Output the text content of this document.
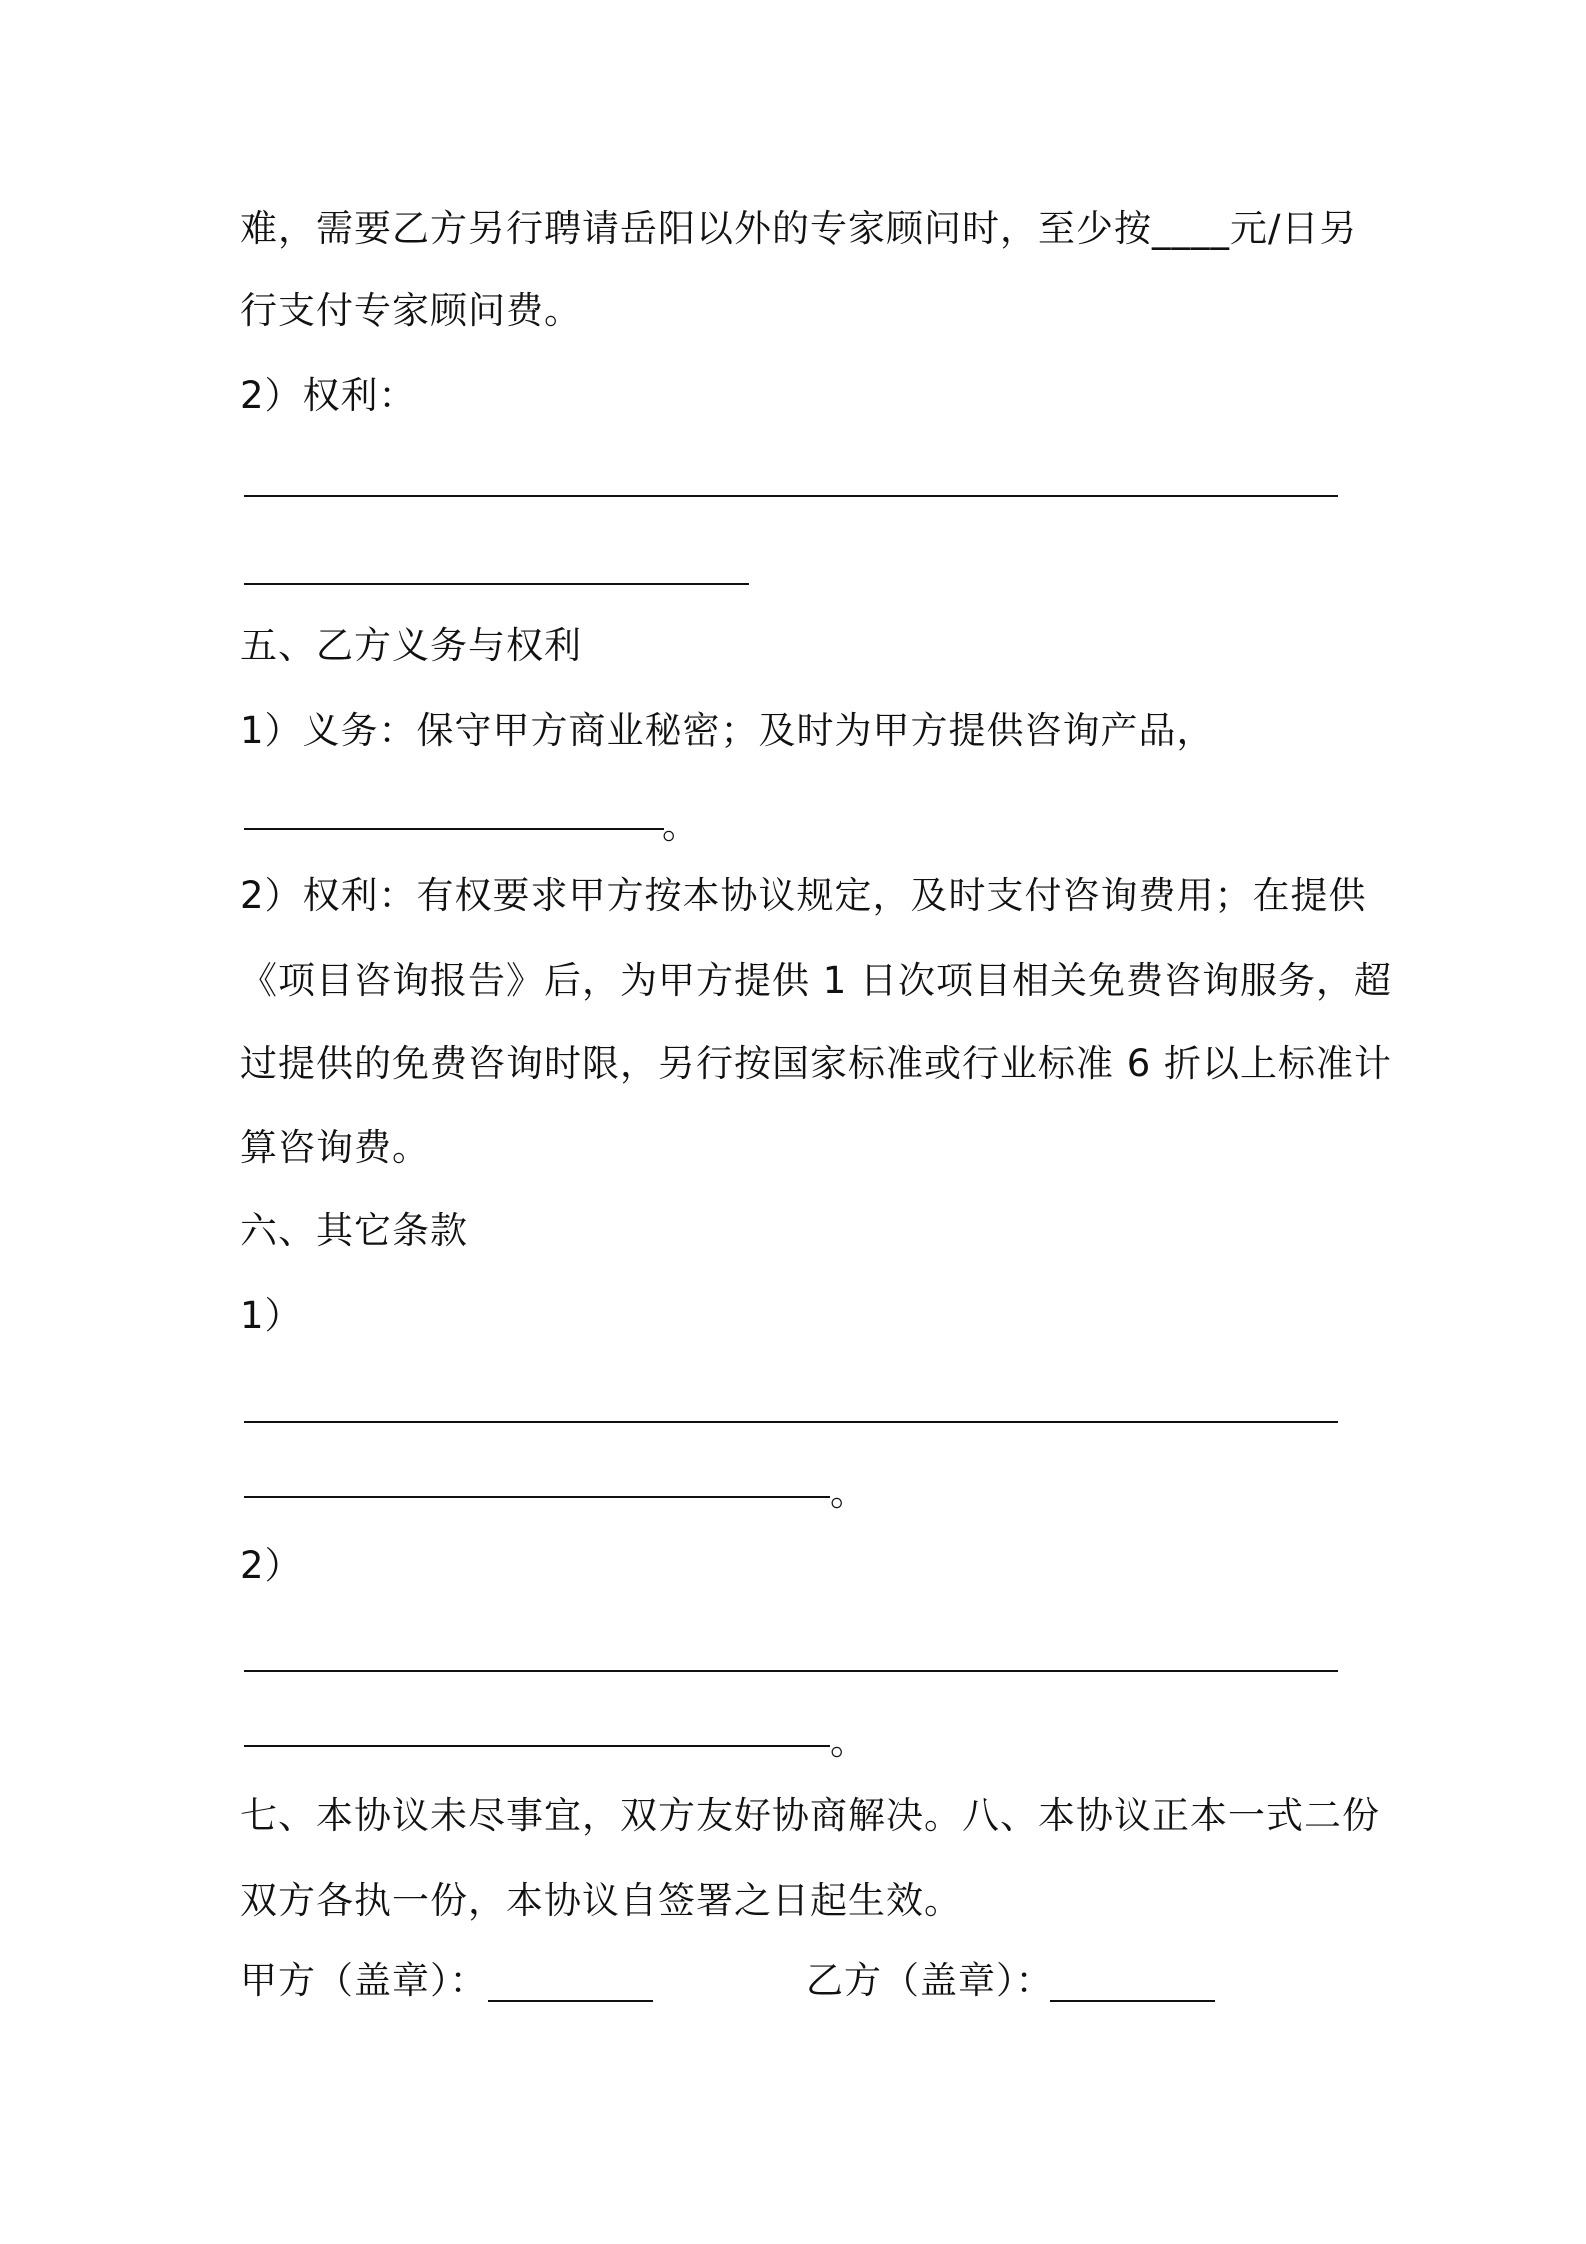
难，需要乙方另行聘请岳阳以外的专家顾问时，至少按____元/日另
行支付专家顾问费。
2）权利：
五、乙方义务与权利
1）义务：保守甲方商业秘密；及时为甲方提供咨询产品，
。
2）权利：有权要求甲方按本协议规定，及时支付咨询费用；在提供
《项目咨询报告》后，为甲方提供 1 日次项目相关免费咨询服务，超
过提供的免费咨询时限，另行按国家标准或行业标准 6 折以上标准计
算咨询费。
六、其它条款
1）
。
2）
。
七、本协议未尽事宜，双方友好协商解决。八、本协议正本一式二份
双方各执一份，本协议自签署之日起生效。
甲方（盖章）：	乙方（盖章）：
